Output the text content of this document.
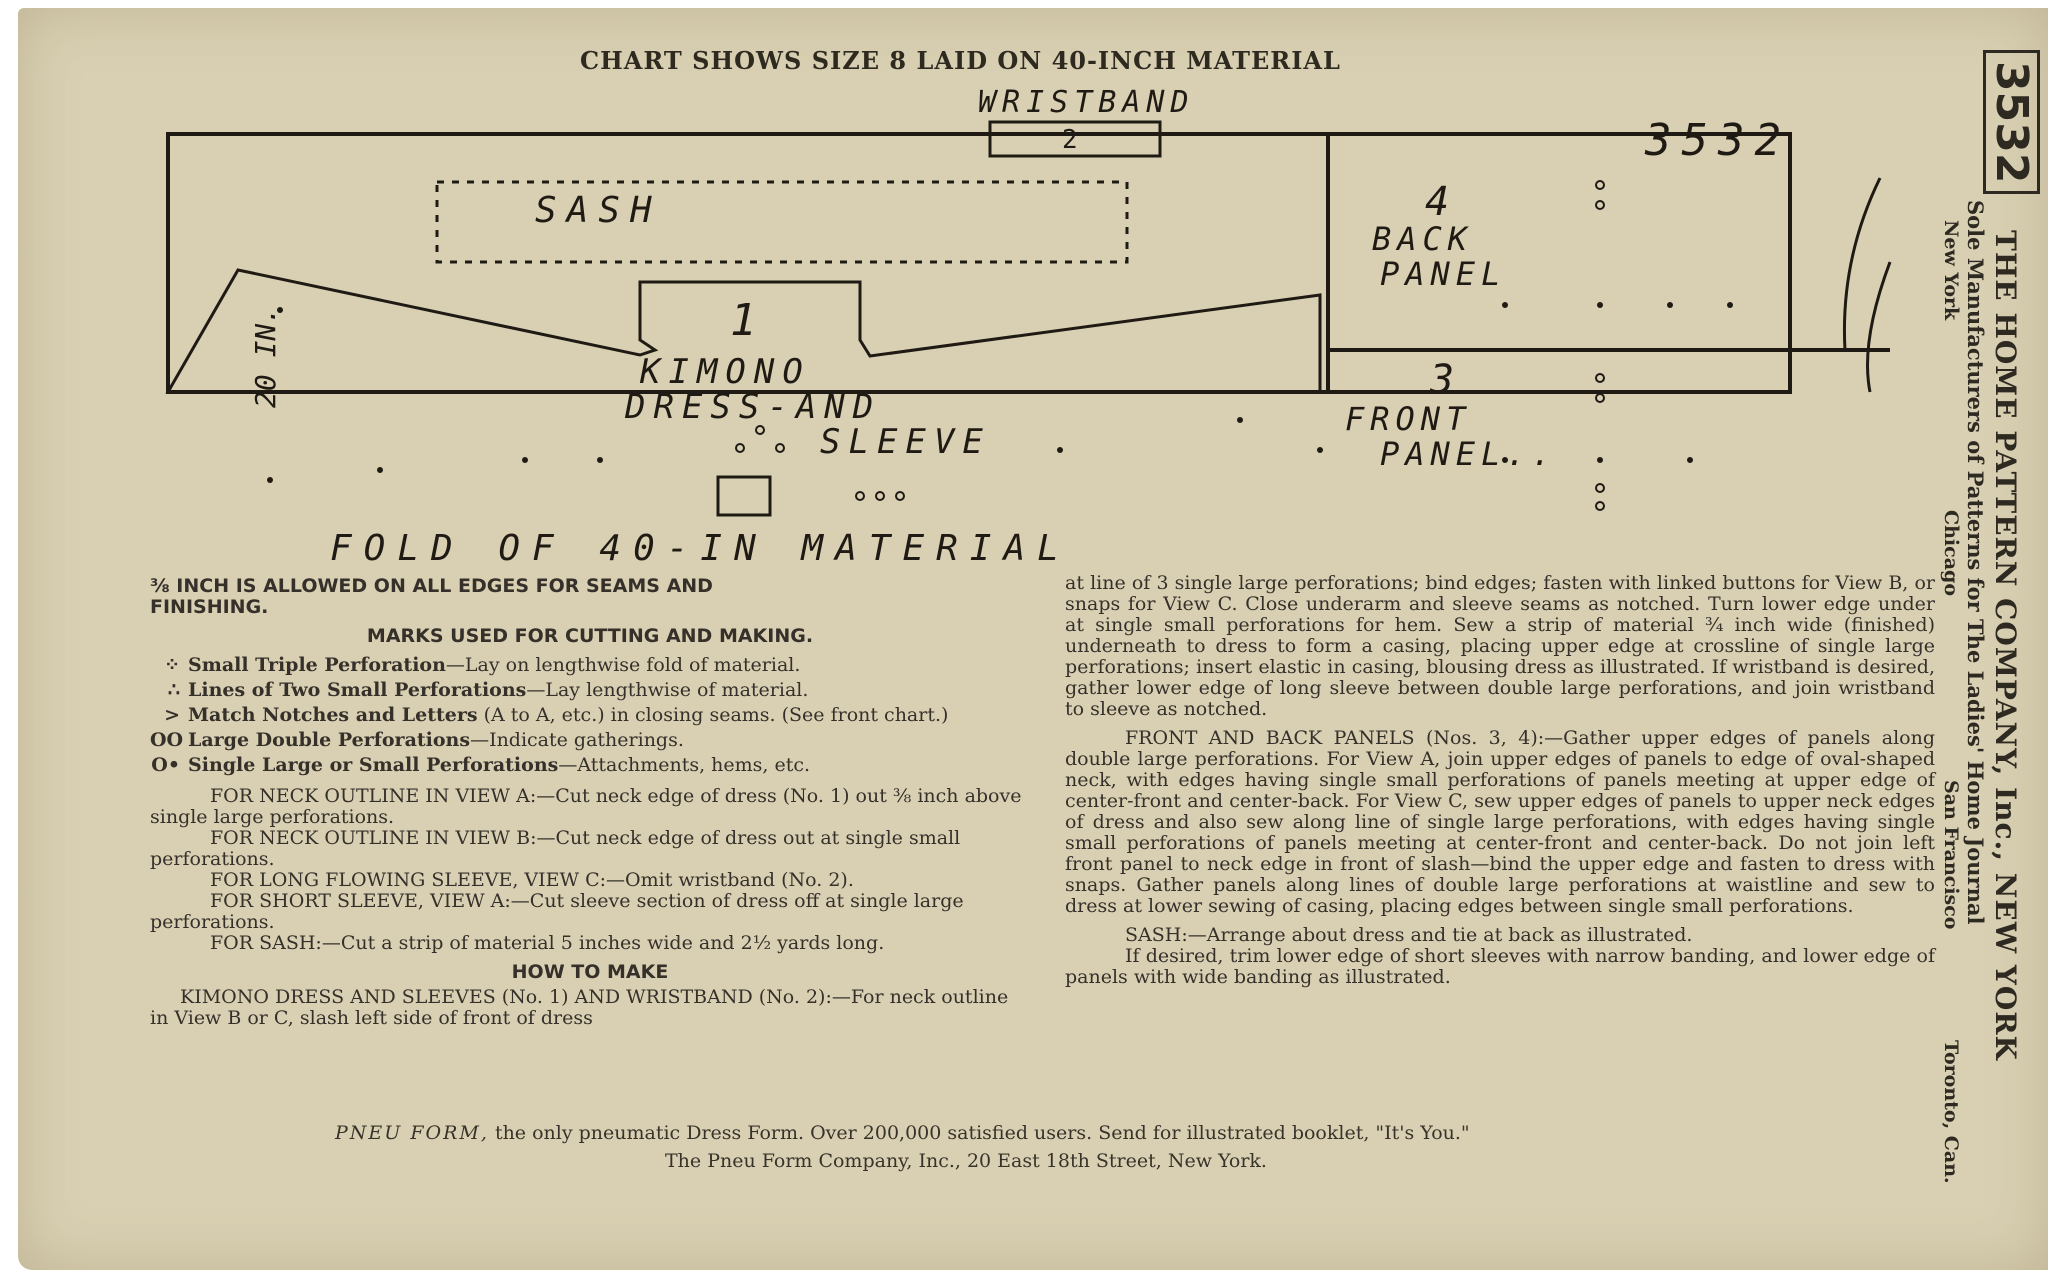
CHART SHOWS SIZE 8 LAID ON 40-INCH MATERIAL
WRISTBAND
2	3532
SASH
1
KIMONO
DRESS-AND
SLEEVE
4
BACK
PANEL
3
FRONT
PANEL..
20 IN.
FOLD OF 40-IN MATERIAL

⅜ INCH IS ALLOWED ON ALL EDGES FOR SEAMS AND

FINISHING.

MARKS USED FOR CUTTING AND MAKING.

⁘ Small Triple Perforation—Lay on lengthwise fold of material.
∴ Lines of Two Small Perforations—Lay lengthwise of material.
> Match Notches and Letters (A to A, etc.) in closing seams. (See front chart.)
OO Large Double Perforations—Indicate gatherings.
O• Single Large or Small Perforations—Attachments, hems, etc.

FOR NECK OUTLINE IN VIEW A:—Cut neck edge of dress (No. 1) out ⅜ inch above single large perforations.

FOR NECK OUTLINE IN VIEW B:—Cut neck edge of dress out at single small perforations.

FOR LONG FLOWING SLEEVE, VIEW C:—Omit wristband (No. 2).

FOR SHORT SLEEVE, VIEW A:—Cut sleeve section of dress off at single large perforations.

FOR SASH:—Cut a strip of material 5 inches wide and 2½ yards long.

HOW TO MAKE

KIMONO DRESS AND SLEEVES (No. 1) AND WRISTBAND (No. 2):—For neck outline in View B or C, slash left side of front of dress

at line of 3 single large perforations; bind edges; fasten with linked buttons for View B, or snaps for View C. Close underarm and sleeve seams as notched. Turn lower edge under at single small perforations for hem. Sew a strip of material ¾ inch wide (finished) underneath to dress to form a casing, placing upper edge at crossline of single large perforations; insert elastic in casing, blousing dress as illustrated. If wristband is desired, gather lower edge of long sleeve between double large perforations, and join wristband to sleeve as notched.

FRONT AND BACK PANELS (Nos. 3, 4):—Gather upper edges of panels along double large perforations. For View A, join upper edges of panels to edge of oval-shaped neck, with edges having single small perforations of panels meeting at upper edge of center-front and center-back. For View C, sew upper edges of panels to upper neck edges of dress and also sew along line of single large perforations, with edges having single small perforations of panels meeting at center-front and center-back. Do not join left front panel to neck edge in front of slash—bind the upper edge and fasten to dress with snaps. Gather panels along lines of double large perforations at waistline and sew to dress at lower sewing of casing, placing edges between single small perforations.

SASH:—Arrange about dress and tie at back as illustrated.

If desired, trim lower edge of short sleeves with narrow banding, and lower edge of panels with wide banding as illustrated.

PNEU FORM, the only pneumatic Dress Form. Over 200,000 satisfied users. Send for illustrated booklet, "It's You."
The Pneu Form Company, Inc., 20 East 18th Street, New York.
3532
THE HOME PATTERN COMPANY, Inc., NEW YORK
Sole Manufacturers of Patterns for The Ladies' Home Journal
New York
Chicago
San Francisco
Toronto, Can.
